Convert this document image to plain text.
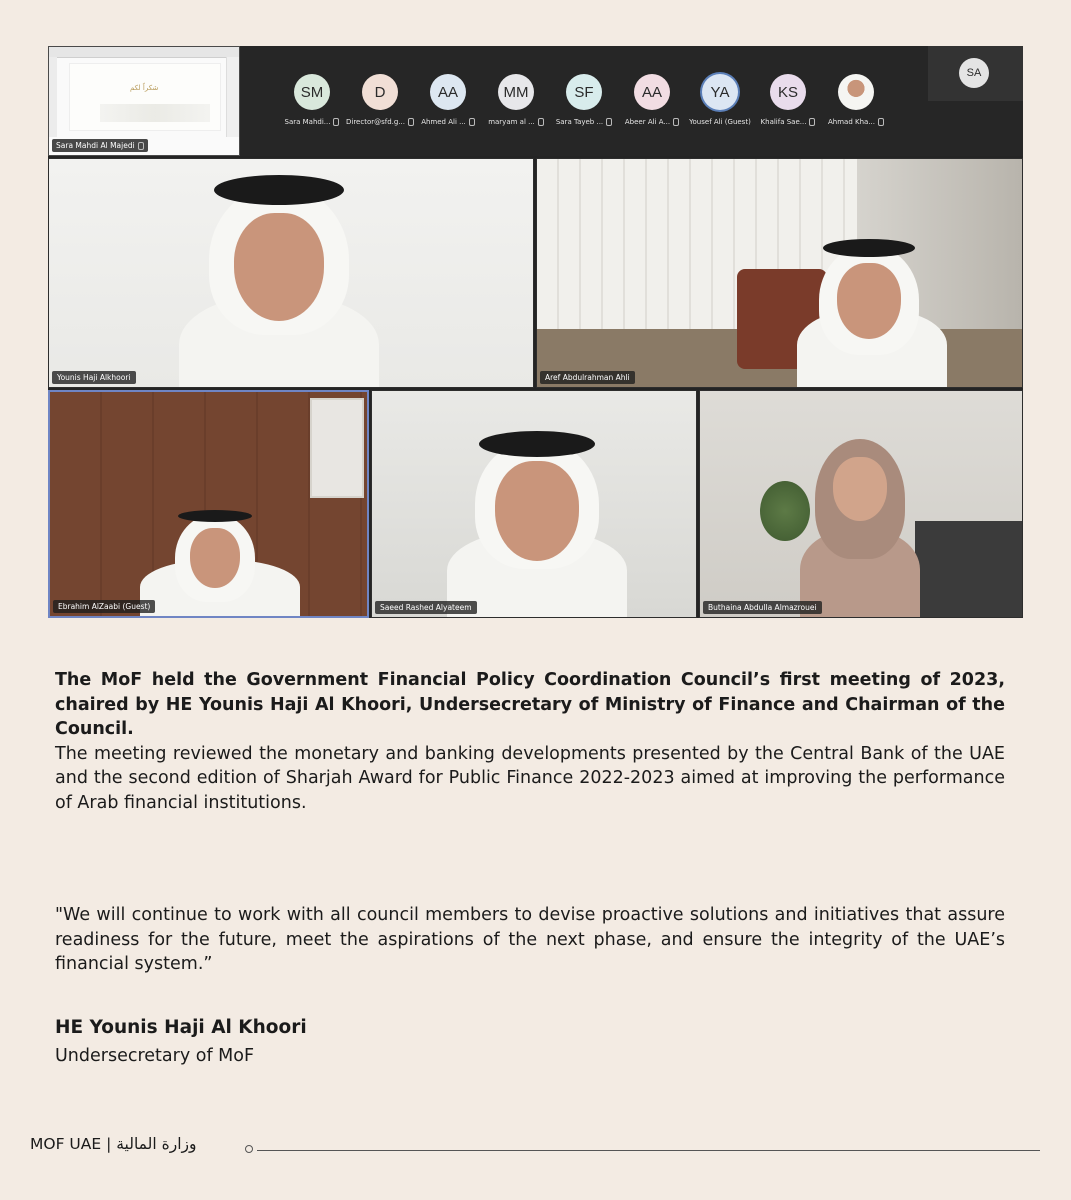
شكراً لكم
Sara Mahdi Al Majedi
SM
Sara Mahdi...
D
Director@sfd.g...
AA
Ahmed Ali ...
MM
maryam al ...
SF
Sara Tayeb ...
AA
Abeer Ali A...
YA
Yousef Ali (Guest)
KS
Khalifa Sae...	Ahmad Kha...
SA
Younis Haji Alkhoori	Aref Abdulrahman Ahli
Ebrahim AlZaabi (Guest)	Saeed Rashed Alyateem	Buthaina Abdulla Almazrouei

The MoF held the Government Financial Policy Coordination Council’s first meeting of 2023, chaired by HE Younis Haji Al Khoori, Undersecretary of Ministry of Finance and Chairman of the Council.

The meeting reviewed the monetary and banking developments presented by the Central Bank of the UAE and the second edition of Sharjah Award for Public Finance 2022-2023 aimed at improving the performance of Arab financial institutions.

"We will continue to work with all council members to devise proactive solutions and initiatives that assure readiness for the future, meet the aspirations of the next phase, and ensure the integrity of the UAE’s financial system.”

HE Younis Haji Al Khoori
Undersecretary of MoF
MOF UAE | وزارة المالية
